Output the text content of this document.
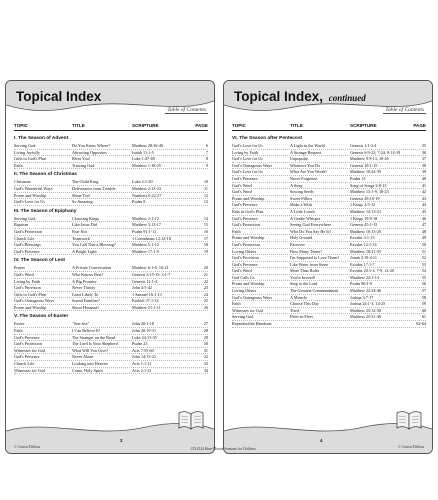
Topical Index
Table of Contents
TOPIC	TITLE	SCRIPTURE	PAGE
I. The Season of Advent
Serving God	Do You Know Where?	Matthew 28:36-46	6
Living Joyfully	Attracting Opposites	Isaiah 11:1-5	7
Gifts in God's Plan	Bless You!	Luke 1:47-48	8
Faith	Trusting God	Matthew 1:18-25	9
II. The Season of Christmas
Christmas	The Child King	Luke 2:1-20	10
God's Wonderful Ways	Deliverance from Trouble	Matthew 2:13-23	11
Praise and Worship	Shine Too!	Numbers 6:22-27	12
God's Love for Us	So Amazing	Psalm 8	13
III. The Season of Epiphany
Serving God	Choosing Kings	Matthew 2:1-12	14
Baptism	Like Jesus Did	Matthew 3:13-17	15
God's Protection	Fear Not	Psalm 91:1-11	16
Church Life	Teamwork	1 Corinthians 12:12-18	17
God's Blessings	You Call That a Blessing?	Matthew 5:1-12	18
God's Presence	A Bright Light	Matthew 17:1-9	19
IV. The Season of Lent
Prayer	A Private Conversation	Matthew 6:1-6, 16-21	20
God's Word	Who Knows Best?	Genesis 3:15-15; 3:1-7	21
Living by Faith	A Big Promise	Genesis 12:1-4	22
God's Provision	Never Thirsty	John 4:5-42	23
Gifts in God's Plan	Least Likely To	1 Samuel 16:1-13	24
God's Outrageous Ways	Sound Familiar?	Ezekiel 37:1-14	25
Praise and Worship	Shout Hosanna!	Matthew 21:1-11	26
V. The Season of Easter
Easter	"Son-rise"	John 20:1-18	27
Faith	I Can Believe It!	John 20:19-31	28
God's Presence	The Stranger on the Road	Luke 24:13-35	29
God's Protection	The Lord Is Your Shepherd	Psalm 23	30
Witnesses for God	What Will You Give?	Acts 7:55-60	31
God's Presence	Never Alone	John 14:15-21	32
Church Life	Looking into Heaven	Acts 1:1-11	33
Witnesses for God	Come, Holy Spirit	Acts 2:1-21	34
3
© Carson-Dellosa
Topical Index, continued
Table of Contents
TOPIC	TITLE	SCRIPTURE	PAGE
VI. The Season after Pentecost
God's Love for Us	A Light in the World	Genesis 1:1-2:4	35
Living by Faith	A Strange Request	Genesis 6:9-22; 7:24; 8:14-19	36
God's Love for Us	Unpopular	Matthew 9:9-13, 18-26	37
God's Outrageous Ways	Whatever You Do	Genesis 18:1-15	38
God's Love for Us	What Are You Worth?	Matthew 10:24-39	39
God's Presence	Never Forgotten	Psalm 13	40
God's Word	A Song	Song of Songs 2:8-13	41
God's Word	Sowing Seeds	Matthew 13:1-9, 18-23	42
Praise and Worship	Sweet Pillow	Genesis 28:10-19	43
God's Presence	Make a Wish	1 Kings 3:5-12	44
Kids in God's Plan	A Little Lunch	Matthew 14:13-21	45
God's Presence	A Gentle Whisper	1 Kings 19:9-18	46
God's Protection	Seeing God Everywhere	Genesis 45:1-15	47
Faith	Who Do You Say He Is?	Matthew 16:13-20	48
Praise and Worship	Holy Ground	Exodus 3:1-15	49
God's Protection	Passover	Exodus 12:1-14	50
Loving Others	How Many Times?	Matthew 18:21-35	51
God's Provision	I'm Supposed to Love Them?	Jonah 3:10-4:11	52
God's Presence	Like Water from Stone	Exodus 17:1-7	53
God's Word	More Than Rules	Exodus 20:1-4, 7-9, 12-20	54
God Calls Us	You're Invited!	Matthew 22:1-14	55
Praise and Worship	Sing to the Lord	Psalm 96:1-9	56
Loving Others	The Greatest Commandment	Matthew 22:34-46	57
God's Outrageous Ways	A Miracle	Joshua 3:7-17	58
Faith	Choose This Day	Joshua 24:1-3, 14-25	59
Witnesses for God	Tired	Matthew 25:14-30	60
Serving God	Fleet-to-Fleet	Matthew 25:31-46	61
Reproducible Handouts	62-64
4
© Carson-Dellosa
CD-2124 Hear-Minute Sermons for Children
